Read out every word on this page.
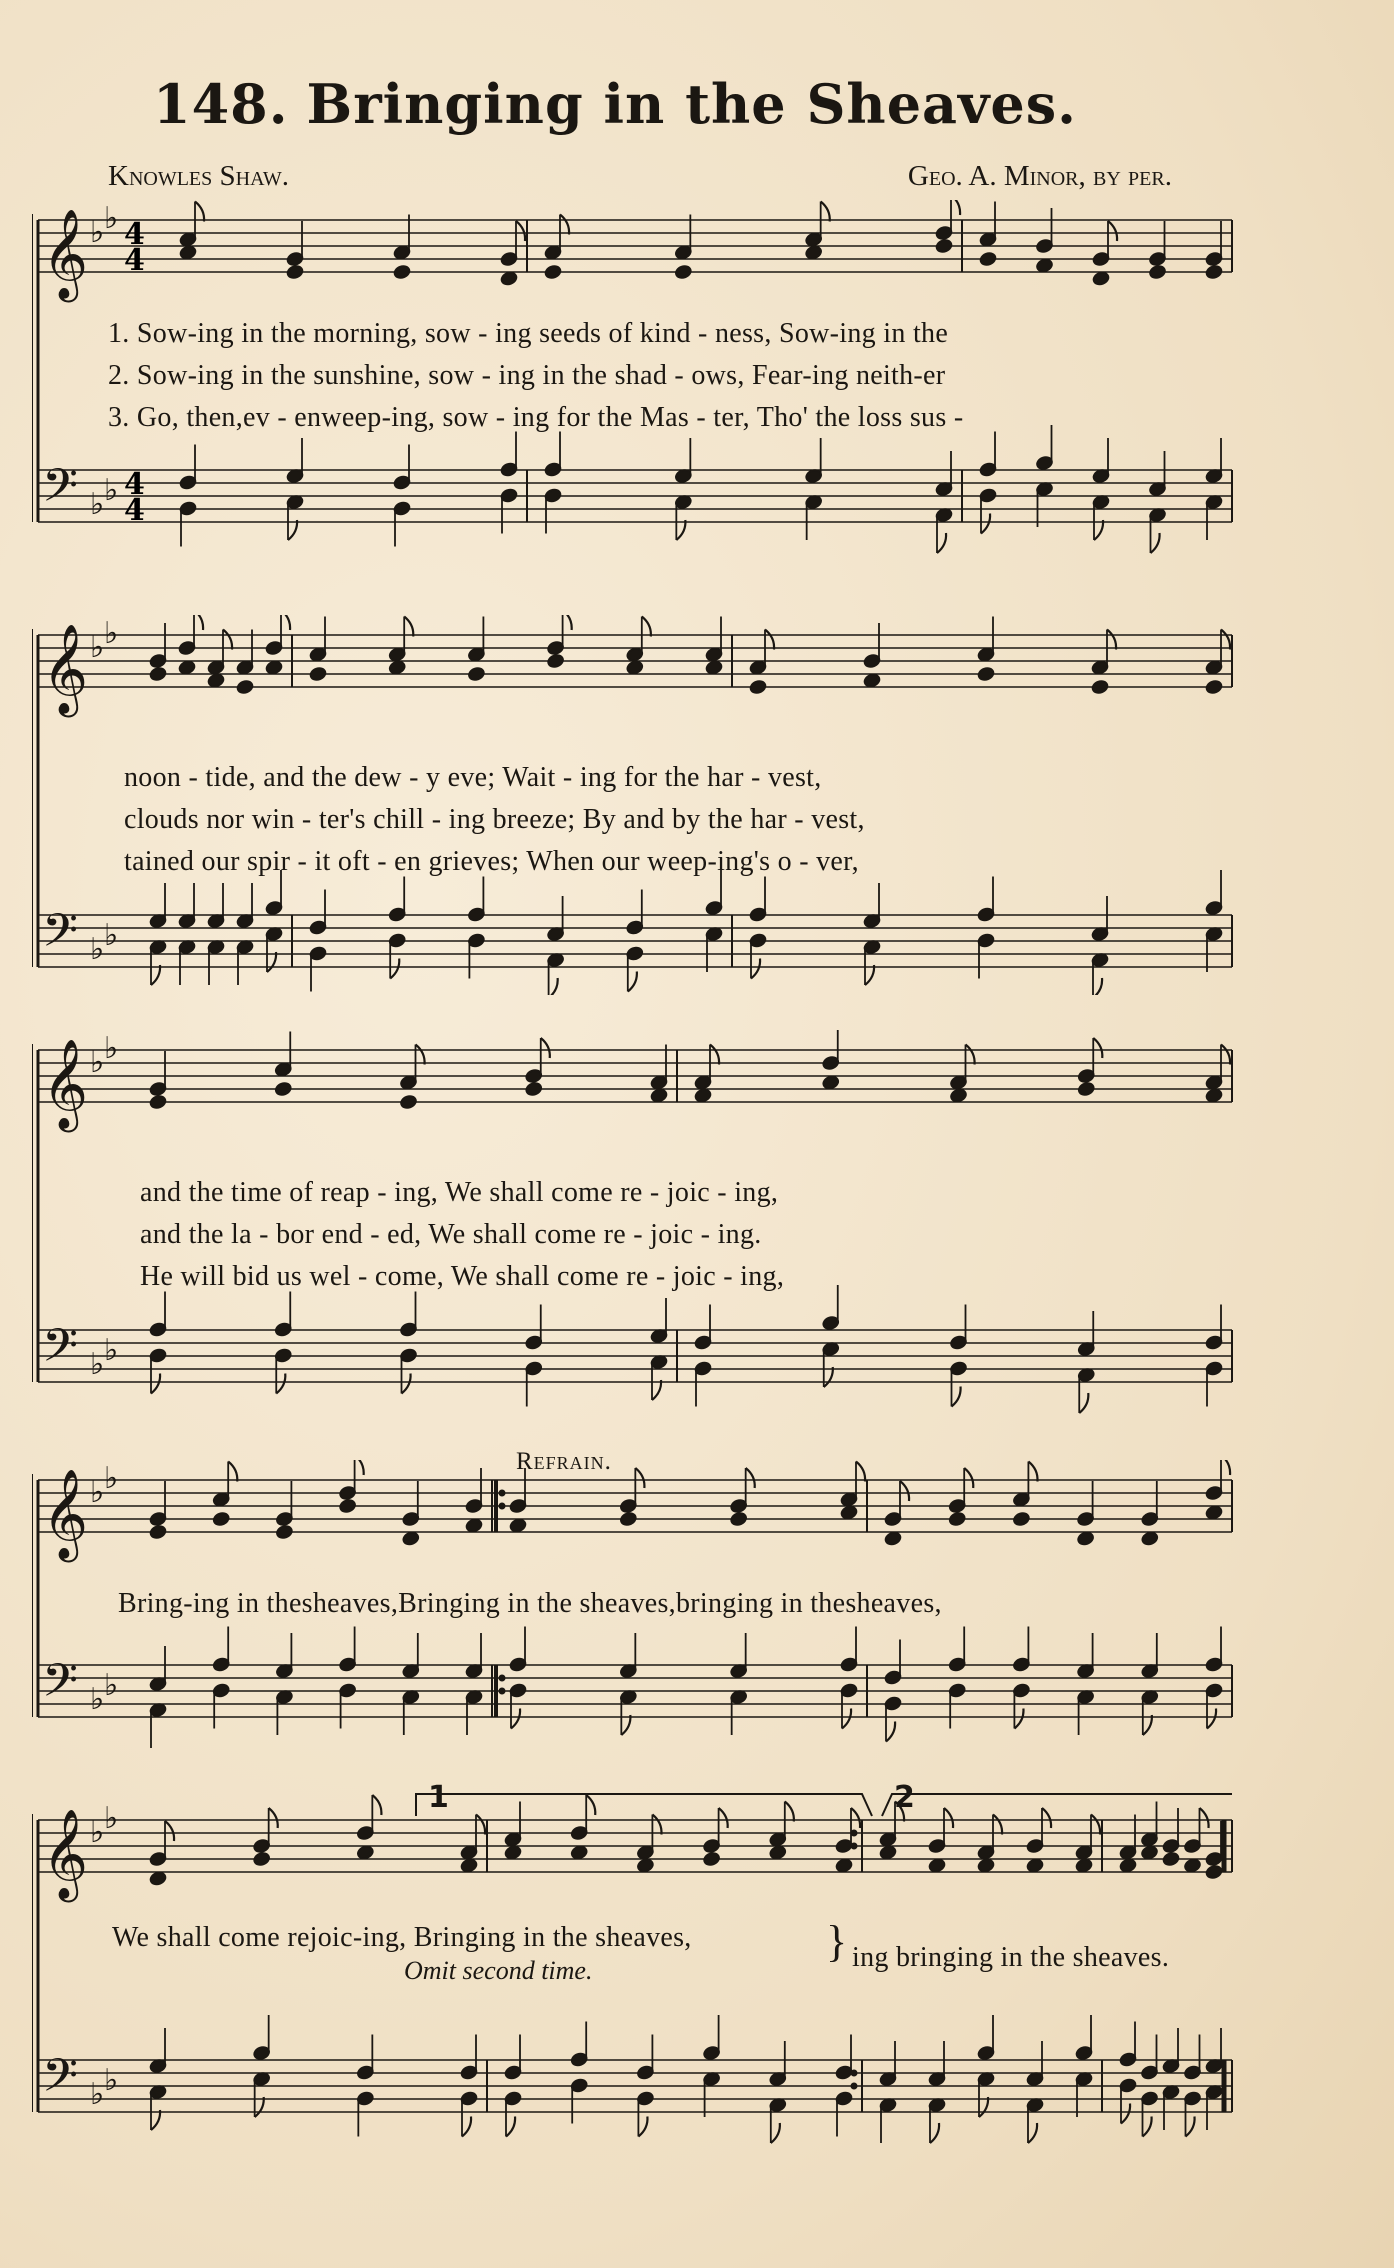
148. Bringing in the Sheaves.
Knowles Shaw.	Geo. A. Minor, by per.
𝄞
𝄢
♭ ♭
♭ ♭
4
4
4
4
1. Sow-ing in the morning, sow - ing seeds of kind - ness, Sow-ing in the
2. Sow-ing in the sunshine, sow - ing in the shad - ows, Fear-ing neith-er
3. Go, then,ev - enweep-ing, sow - ing for the Mas - ter, Tho' the loss sus -
𝄞
𝄢
♭ ♭
♭ ♭
noon - tide, and the dew - y eve; Wait - ing for the har - vest,
clouds nor win - ter's chill - ing breeze; By and by the har - vest,
tained our spir - it oft - en grieves; When our weep-ing's o - ver,
𝄞
𝄢
♭ ♭
♭ ♭
and the time of reap - ing, We shall come re - joic - ing,
and the la - bor end - ed, We shall come re - joic - ing.
He will bid us wel - come, We shall come re - joic - ing,
Refrain.
𝄞
𝄢
♭ ♭
♭ ♭
Bring-ing in thesheaves,Bringing in the sheaves,bringing in thesheaves,
𝄞
𝄢
♭ ♭
♭ ♭
1	2
We shall come rejoic-ing, Bringing in the sheaves,
Omit second time.
} ing bringing in the sheaves.
